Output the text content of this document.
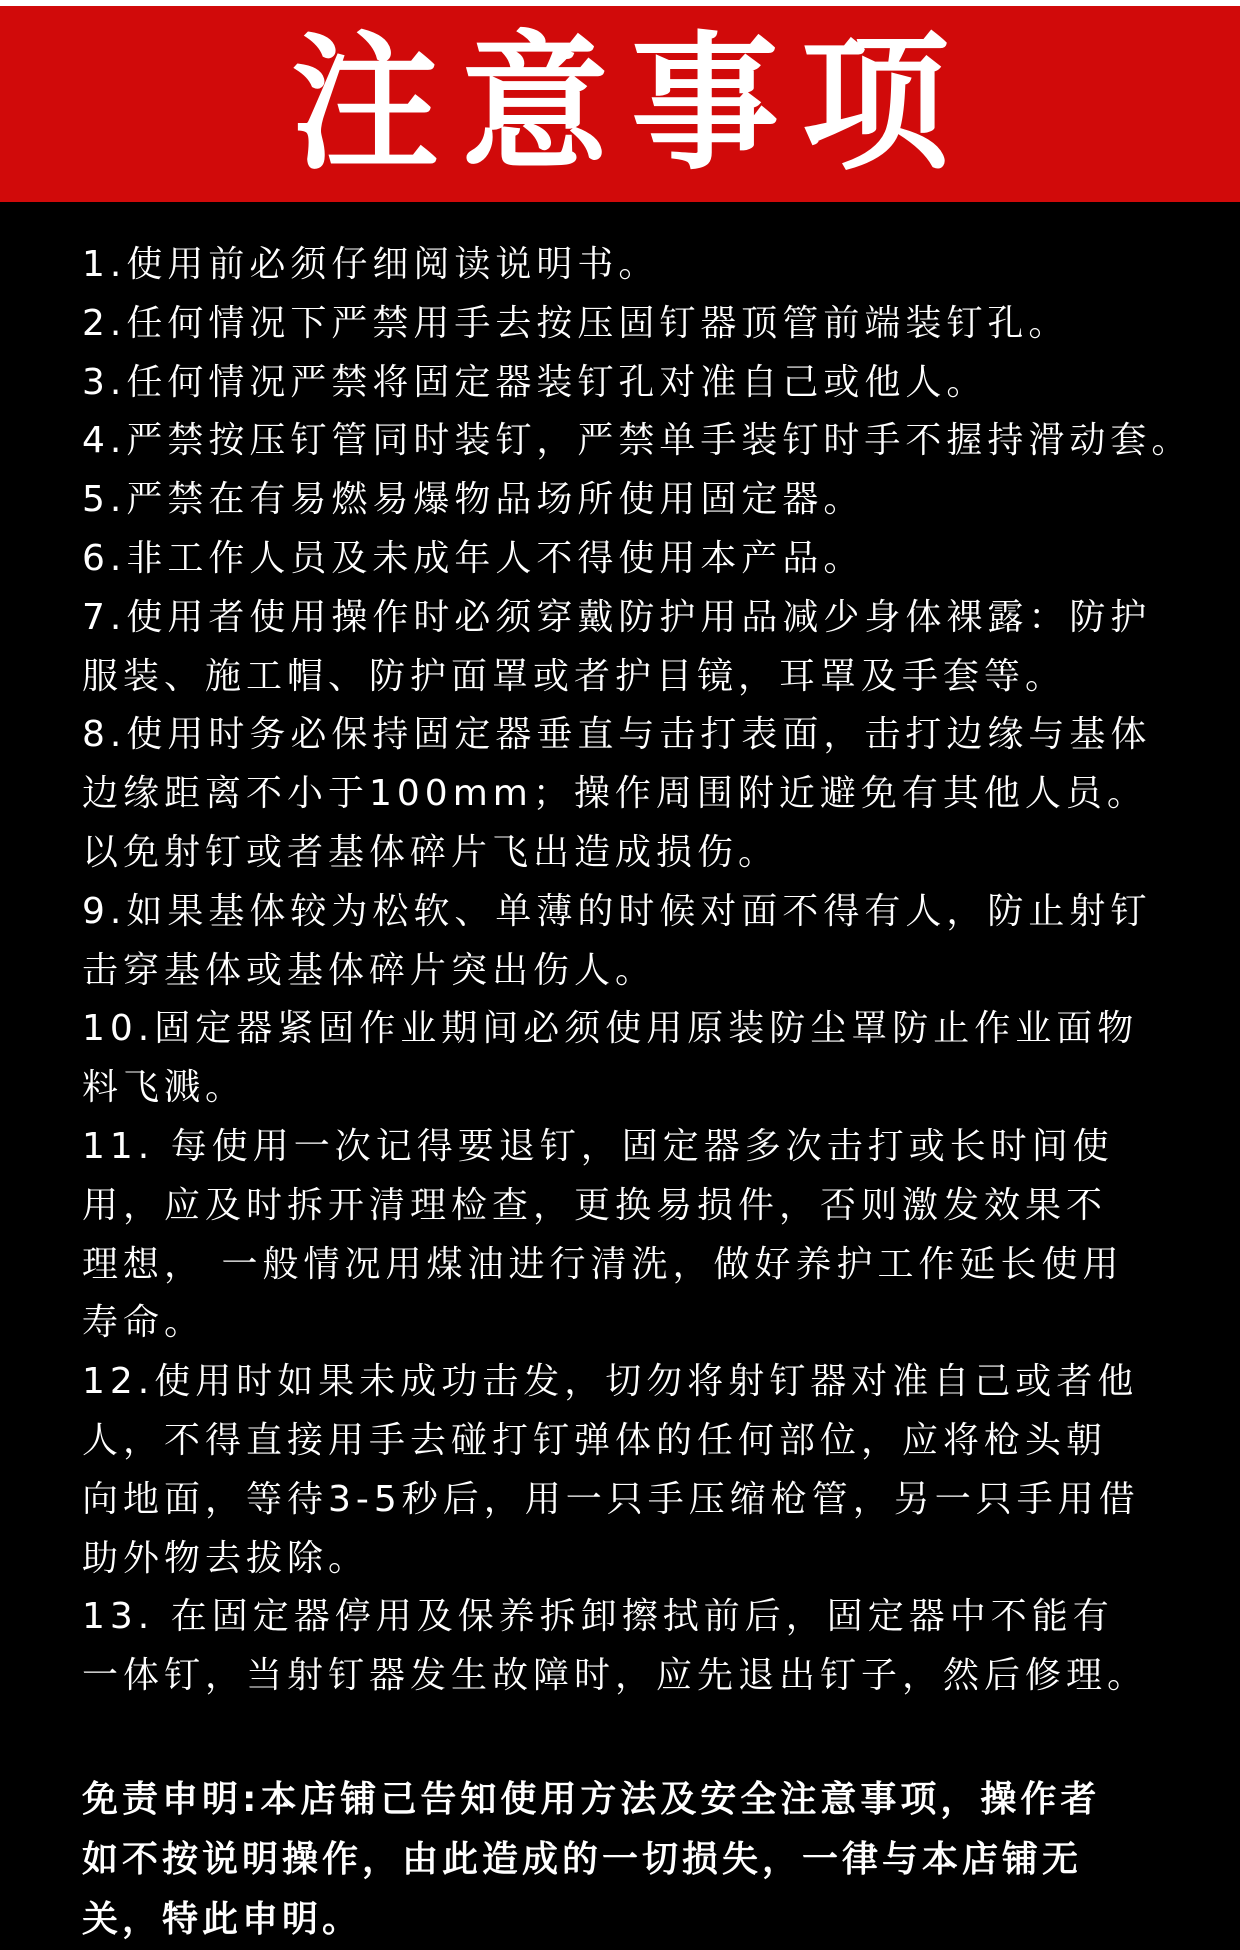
注意事项
1.使用前必须仔细阅读说明书。
2.任何情况下严禁用手去按压固钉器顶管前端装钉孔。
3.任何情况严禁将固定器装钉孔对准自己或他人。
4.严禁按压钉管同时装钉，严禁单手装钉时手不握持滑动套。
5.严禁在有易燃易爆物品场所使用固定器。
6.非工作人员及未成年人不得使用本产品。
7.使用者使用操作时必须穿戴防护用品减少身体裸露：防护
服装、施工帽、防护面罩或者护目镜，耳罩及手套等。
8.使用时务必保持固定器垂直与击打表面，击打边缘与基体
边缘距离不小于100mm；操作周围附近避免有其他人员。
以免射钉或者基体碎片飞出造成损伤。
9.如果基体较为松软、单薄的时候对面不得有人，防止射钉
击穿基体或基体碎片突出伤人。
10.固定器紧固作业期间必须使用原装防尘罩防止作业面物
料飞溅。
11. 每使用一次记得要退钉，固定器多次击打或长时间使
用，应及时拆开清理检查，更换易损件，否则激发效果不
理想， 一般情况用煤油进行清洗，做好养护工作延长使用
寿命。
12.使用时如果未成功击发，切勿将射钉器对准自己或者他
人，不得直接用手去碰打钉弹体的任何部位，应将枪头朝
向地面，等待3-5秒后，用一只手压缩枪管，另一只手用借
助外物去拔除。
13. 在固定器停用及保养拆卸擦拭前后，固定器中不能有
一体钉，当射钉器发生故障时，应先退出钉子，然后修理。
免责申明:本店铺己告知使用方法及安全注意事项，操作者
如不按说明操作，由此造成的一切损失，一律与本店铺无
关，特此申明。
